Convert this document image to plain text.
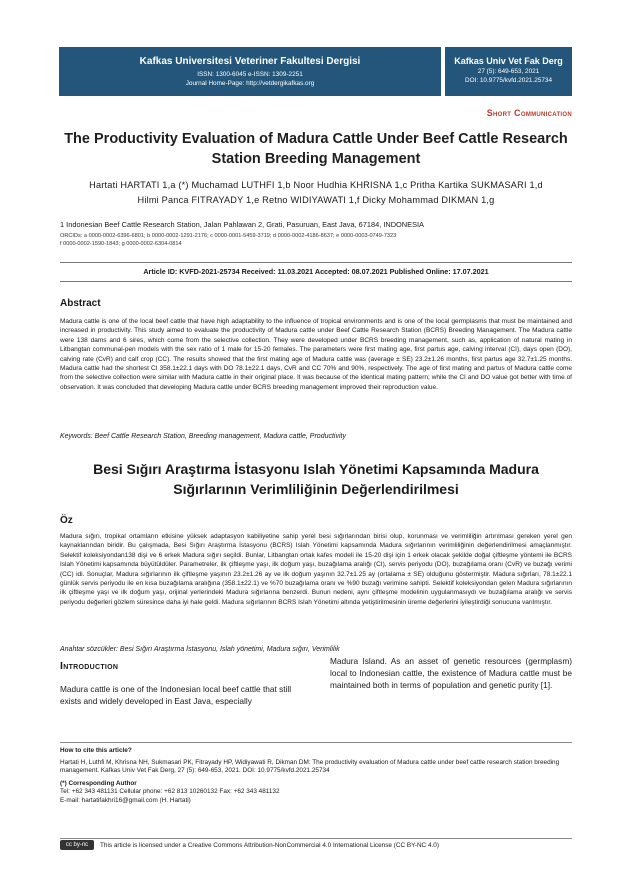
Kafkas Universitesi Veteriner Fakultesi Dergisi
ISSN: 1300-6045 e-ISSN: 1309-2251
Journal Home-Page: http://vetdergikafkas.org
Kafkas Univ Vet Fak Derg
27 (5): 649-653, 2021
DOI: 10.9775/kvfd.2021.25734
Short Communication
The Productivity Evaluation of Madura Cattle Under Beef Cattle Research Station Breeding Management
Hartati HARTATI 1,a (*) Muchamad LUTHFI 1,b Noor Hudhia KHRISNA 1,c Pritha Kartika SUKMASARI 1,d
Hilmi Panca FITRAYADY 1,e Retno WIDIYAWATI 1,f Dicky Mohammad DIKMAN 1,g
1 Indonesian Beef Cattle Research Station, Jalan Pahlawan 2, Grati, Pasuruan, East Java, 67184, INDONESIA
ORCIDs: a 0000-0002-6396-6801; b 0000-0002-1291-2176; c 0000-0001-5459-3719; d 0000-0002-4186-8637; e 0000-0003-0749-7323
f 0000-0002-1590-1843; g 0000-0002-6304-0814
Article ID: KVFD-2021-25734 Received: 11.03.2021 Accepted: 08.07.2021 Published Online: 17.07.2021
Abstract
Madura cattle is one of the local beef cattle that have high adaptability to the influence of tropical environments and is one of the local germplasms that must be maintained and increased in productivity. This study aimed to evaluate the productivity of Madura cattle under Beef Cattle Research Station (BCRS) Breeding Management. The Madura cattle were 138 dams and 6 sires, which come from the selective collection. They were developed under BCRS breeding management, such as, application of natural mating in Litbangtan communal-pen models with the sex ratio of 1 male for 15-20 females. The parameters were first mating age, first partus age, calving interval (CI), days open (DO), calving rate (CvR) and calf crop (CC). The results showed that the first mating age of Madura cattle was (average ± SE) 23.2±1.26 months, first partus age 32.7±1.25 months. Madura cattle had the shortest CI 358.1±22.1 days with DO 78.1±22.1 days, CvR and CC 70% and 90%, respectively. The age of first mating and partus of Madura cattle come from the selective collection were similar with Madura cattle in their original place. It was because of the identical mating pattern; while the CI and DO value got better with time of observation. It was concluded that developing Madura cattle under BCRS breeding management improved their reproduction value.
Keywords: Beef Cattle Research Station, Breeding management, Madura cattle, Productivity
Besi Sığırı Araştırma İstasyonu Islah Yönetimi Kapsamında Madura Sığırlarının Verimliliğinin Değerlendirilmesi
Öz
Madura sığırı, tropikal ortamların etkisine yüksek adaptasyon kabiliyetine sahip yerel besi sığırlarından birisi olup, korunması ve verimliliğin artırılması gereken yerel gen kaynaklarından biridir. Bu çalışmada, Besi Sığırı Araştırma İstasyonu (BCRS) Islah Yönetimi kapsamında Madura sığırlarının verimliliğinin değerlendirilmesi amaçlanmıştır. Selektif koleksiyondan138 dişi ve 6 erkek Madura sığırı seçildi. Bunlar, Litbangtan ortak kafes modeli ile 15-20 dişi için 1 erkek olacak şekilde doğal çiftleşme yöntemi ile BCRS Islah Yönetimi kapsamında büyütüldüler. Parametreler, ilk çiftleşme yaşı, ilk doğum yaşı, buzağılama aralığı (CI), servis periyodu (DO), buzağılama oranı (CvR) ve buzağı verimi (CC) idi. Sonuçlar, Madura sığırlarının ilk çiftleşme yaşının 23.2±1.26 ay ve ilk doğum yaşının 32.7±1.25 ay (ortalama ± SE) olduğunu göstermiştir. Madura sığırları, 78.1±22.1 günlük servis periyodu ile en kısa buzağılama aralığına (358.1±22.1) ve %70 buzağılama oranı ve %90 buzağı verimine sahipti. Selektif koleksiyondan gelen Madura sığırlarının ilk çiftleşme yaşı ve ilk doğum yaşı, orijinal yerlerindeki Madura sığırlarına benzerdi. Bunun nedeni, aynı çiftleşme modelinin uygulanmasıydı ve buzağılama aralığı ve servis periyodu değerleri gözlem süresince daha iyi hale geldi. Madura sığırlarının BCRS Islah Yönetimi altında yetiştirilmesinin üreme değerlerini iyileştirdiği sonucuna varılmıştır.
Anahtar sözcükler: Besi Sığırı Araştırma İstasyonu, Islah yönetimi, Madura sığırı, Verimlilik
Introduction
Madura cattle is one of the Indonesian local beef cattle that still exists and widely developed in East Java, especially
Madura Island. As an asset of genetic resources (germplasm) local to Indonesian cattle, the existence of Madura cattle must be maintained both in terms of population and genetic purity [1].
How to cite this article?
Hartati H, Luthfi M, Khrisna NH, Sukmasari PK, Fitrayady HP, Widiyawati R, Dikman DM: The productivity evaluation of Madura cattle under beef cattle research station breeding management. Kafkas Univ Vet Fak Derg, 27 (5): 649-653, 2021. DOI: 10.9775/kvfd.2021.25734
(*) Corresponding Author
Tel: +62 343 481131 Cellular phone: +62 813 10260132 Fax: +62 343 481132
E-mail: hartatifakhri16@gmail.com (H. Hartati)
cc by-nc This article is licensed under a Creative Commons Attribution-NonCommercial 4.0 International License (CC BY-NC 4.0)
